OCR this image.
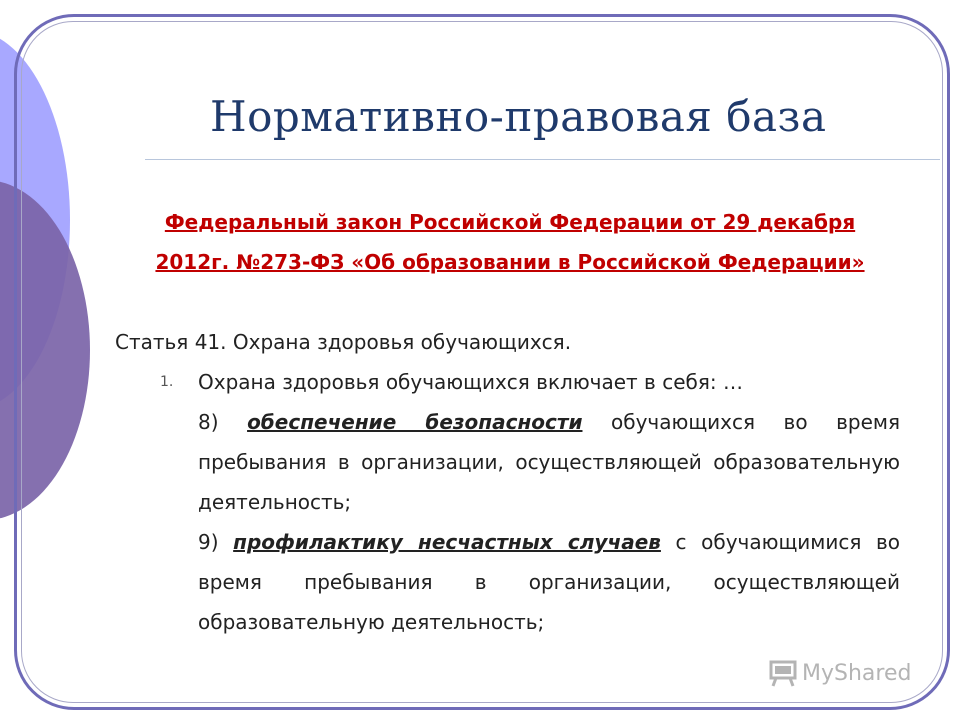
Нормативно-правовая база
Федеральный закон Российской Федерации от 29 декабря 2012г. №273-ФЗ «Об образовании в Российской Федерации»
Статья 41. Охрана здоровья обучающихся.
1. Охрана здоровья обучающихся включает в себя: …
8) обеспечение безопасности обучающихся во время пребывания в организации, осуществляющей образовательную деятельность;
9) профилактику несчастных случаев с обучающимися во время пребывания в организации, осуществляющей образовательную деятельность;
MyShared
